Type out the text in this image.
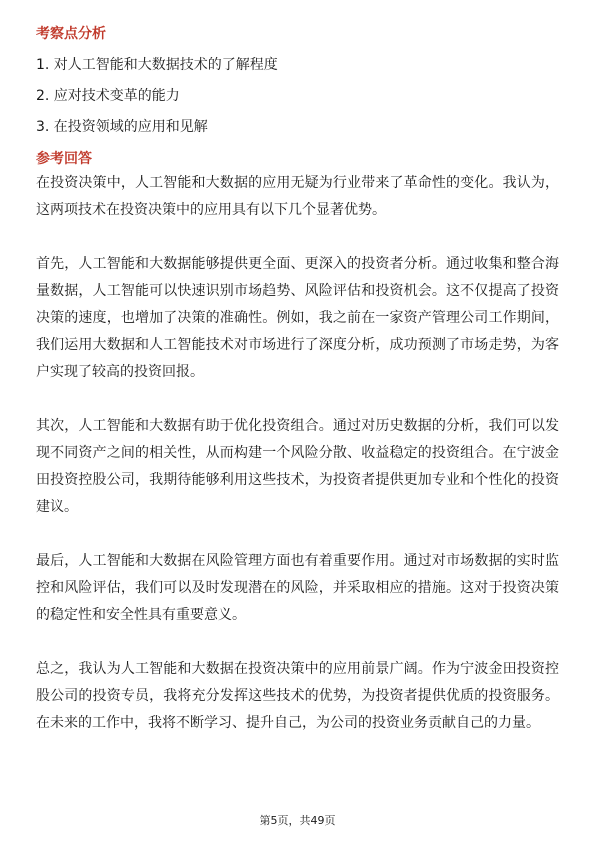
考察点分析
1. 对人工智能和大数据技术的了解程度
2. 应对技术变革的能力
3. 在投资领域的应用和见解
参考回答

在投资决策中，人工智能和大数据的应用无疑为行业带来了革命性的变化。我认为，这两项技术在投资决策中的应用具有以下几个显著优势。

首先，人工智能和大数据能够提供更全面、更深入的投资者分析。通过收集和整合海量数据，人工智能可以快速识别市场趋势、风险评估和投资机会。这不仅提高了投资决策的速度，也增加了决策的准确性。例如，我之前在一家资产管理公司工作期间，我们运用大数据和人工智能技术对市场进行了深度分析，成功预测了市场走势，为客户实现了较高的投资回报。

其次，人工智能和大数据有助于优化投资组合。通过对历史数据的分析，我们可以发现不同资产之间的相关性，从而构建一个风险分散、收益稳定的投资组合。在宁波金田投资控股公司，我期待能够利用这些技术，为投资者提供更加专业和个性化的投资建议。

最后，人工智能和大数据在风险管理方面也有着重要作用。通过对市场数据的实时监控和风险评估，我们可以及时发现潜在的风险，并采取相应的措施。这对于投资决策的稳定性和安全性具有重要意义。

总之，我认为人工智能和大数据在投资决策中的应用前景广阔。作为宁波金田投资控股公司的投资专员，我将充分发挥这些技术的优势，为投资者提供优质的投资服务。在未来的工作中，我将不断学习、提升自己，为公司的投资业务贡献自己的力量。

第5页，共49页
